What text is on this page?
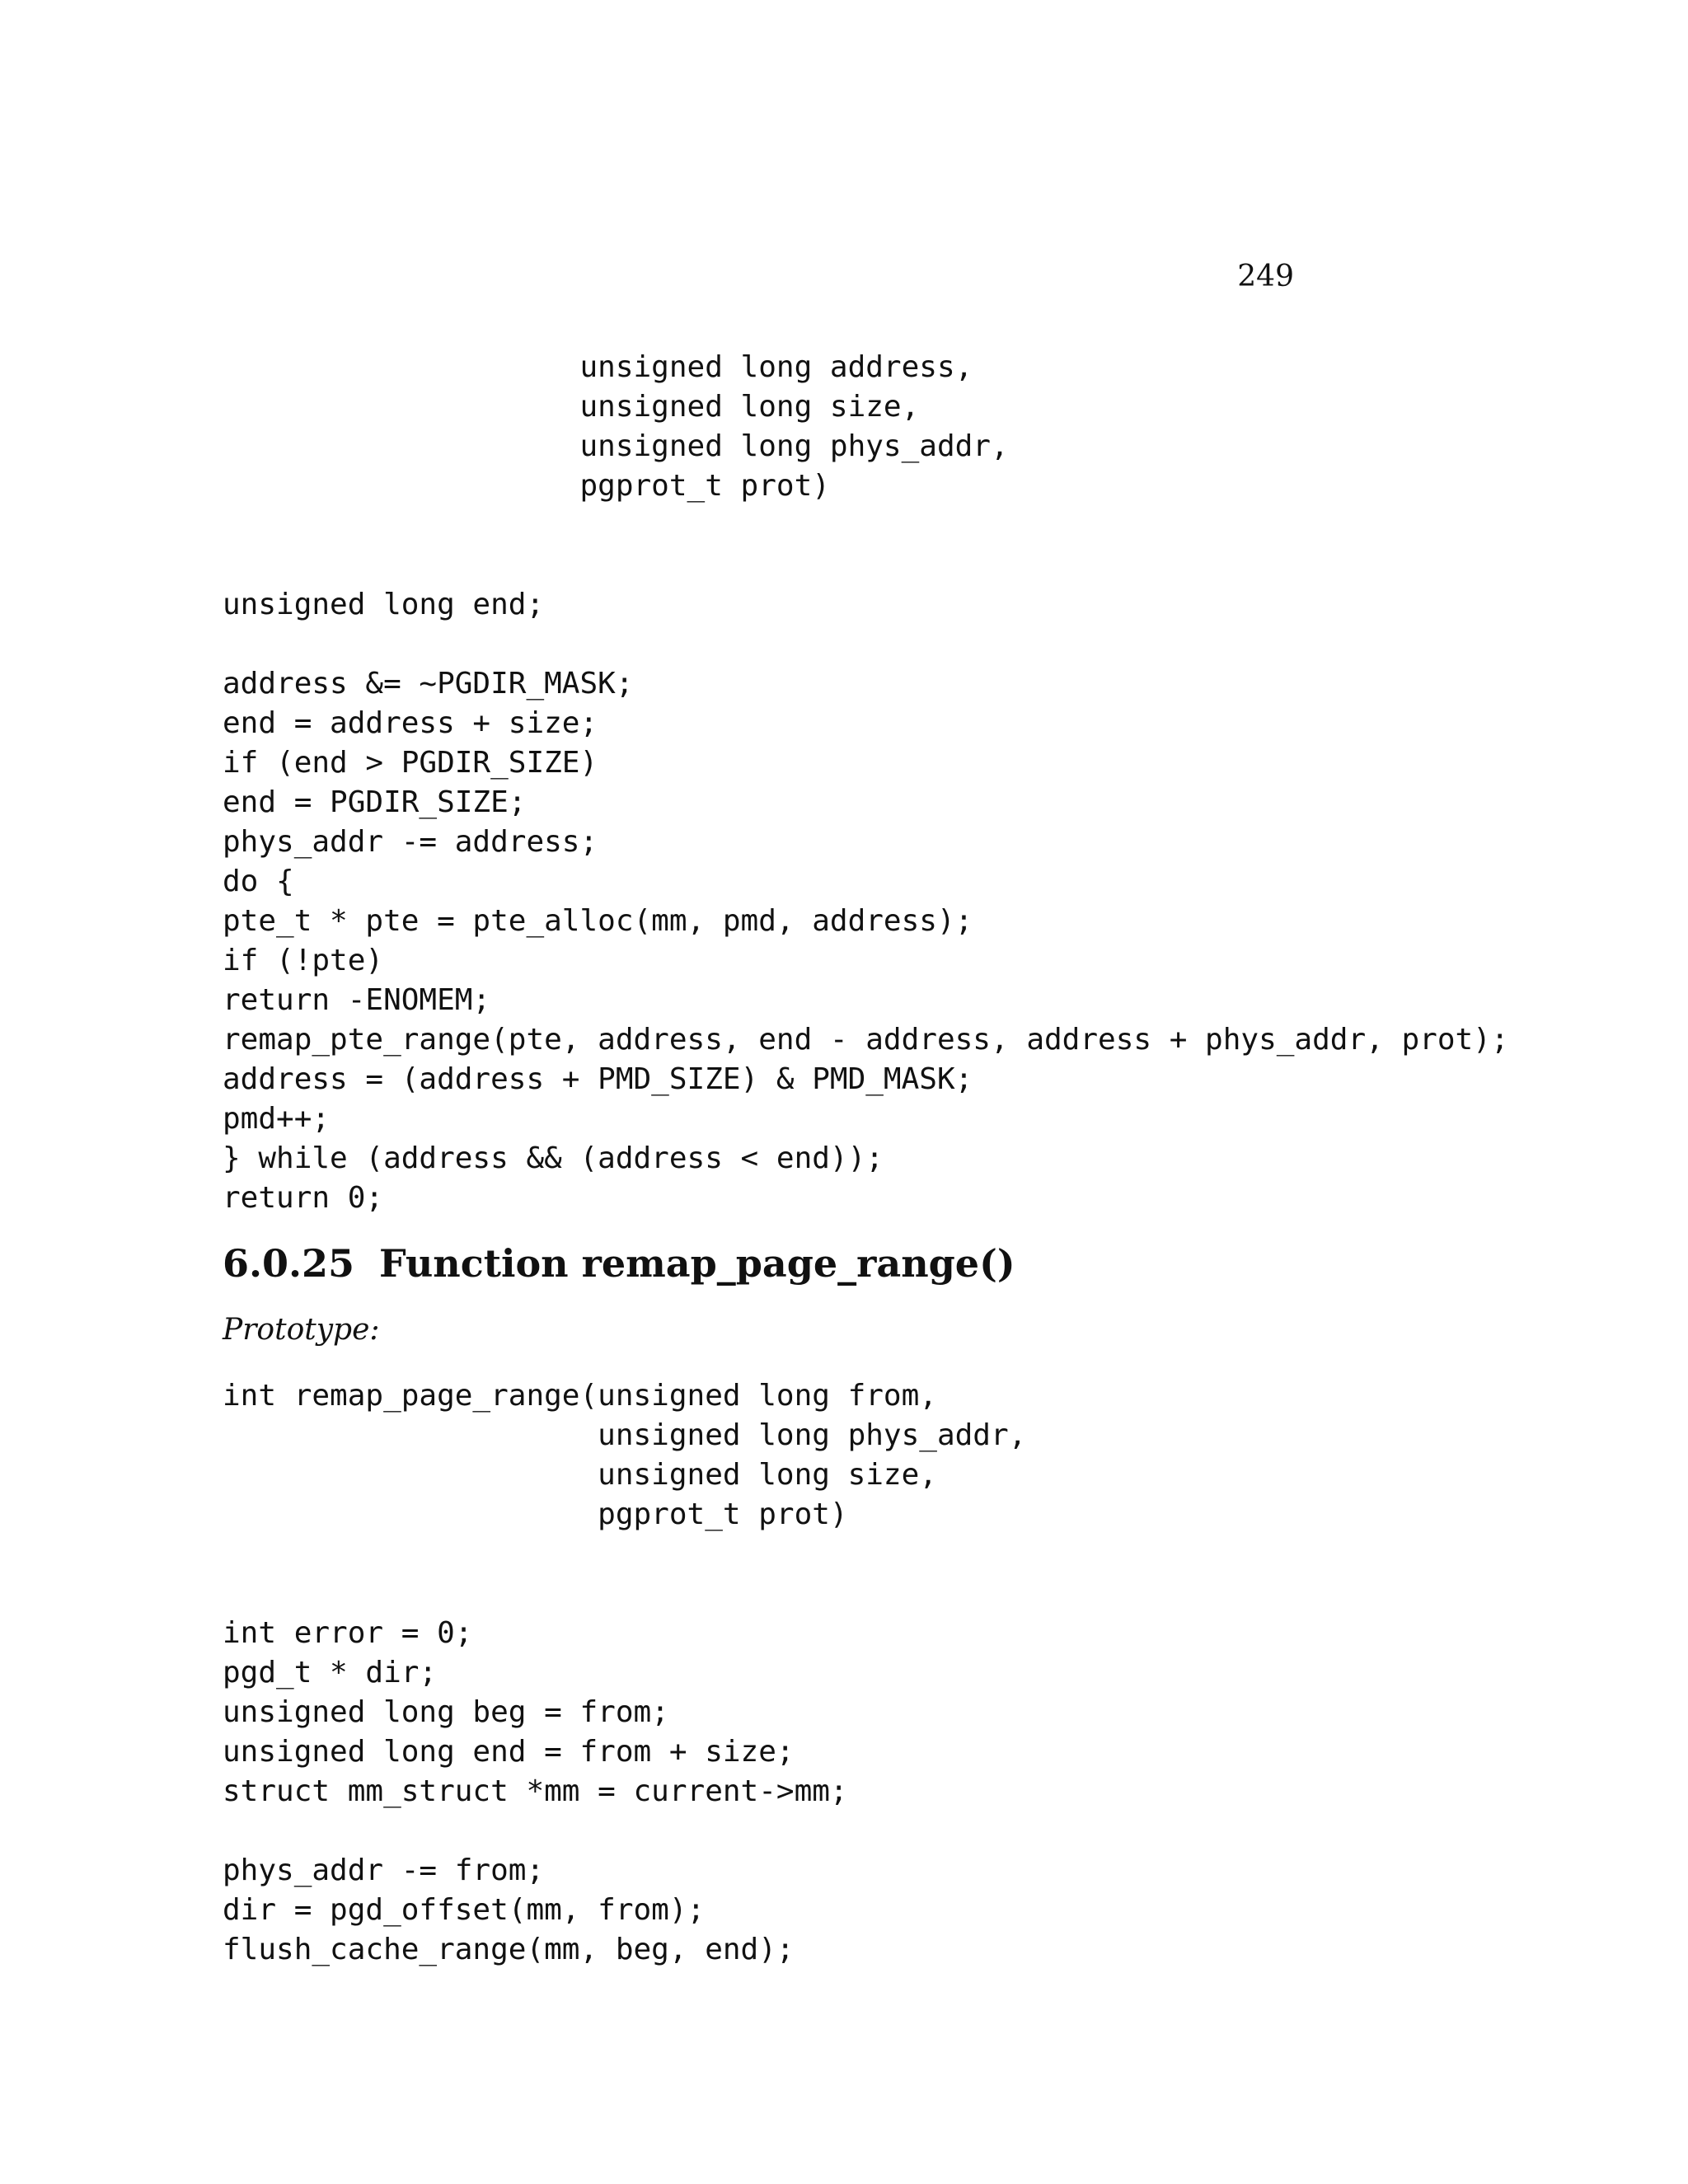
249
unsigned long address,
unsigned long size,
unsigned long phys_addr,
pgprot_t prot)
unsigned long end;
address &= ~PGDIR_MASK;
end = address + size;
if (end > PGDIR_SIZE)
end = PGDIR_SIZE;
phys_addr -= address;
do {
pte_t * pte = pte_alloc(mm, pmd, address);
if (!pte)
return -ENOMEM;
remap_pte_range(pte, address, end - address, address + phys_addr, prot);
address = (address + PMD_SIZE) & PMD_MASK;
pmd++;
} while (address && (address < end));
return 0;
6.0.25 Function remap_page_range()

Prototype:

int remap_page_range(unsigned long from,
unsigned long phys_addr,
unsigned long size,
pgprot_t prot)
int error = 0;
pgd_t * dir;
unsigned long beg = from;
unsigned long end = from + size;
struct mm_struct *mm = current->mm;
phys_addr -= from;
dir = pgd_offset(mm, from);
flush_cache_range(mm, beg, end);
